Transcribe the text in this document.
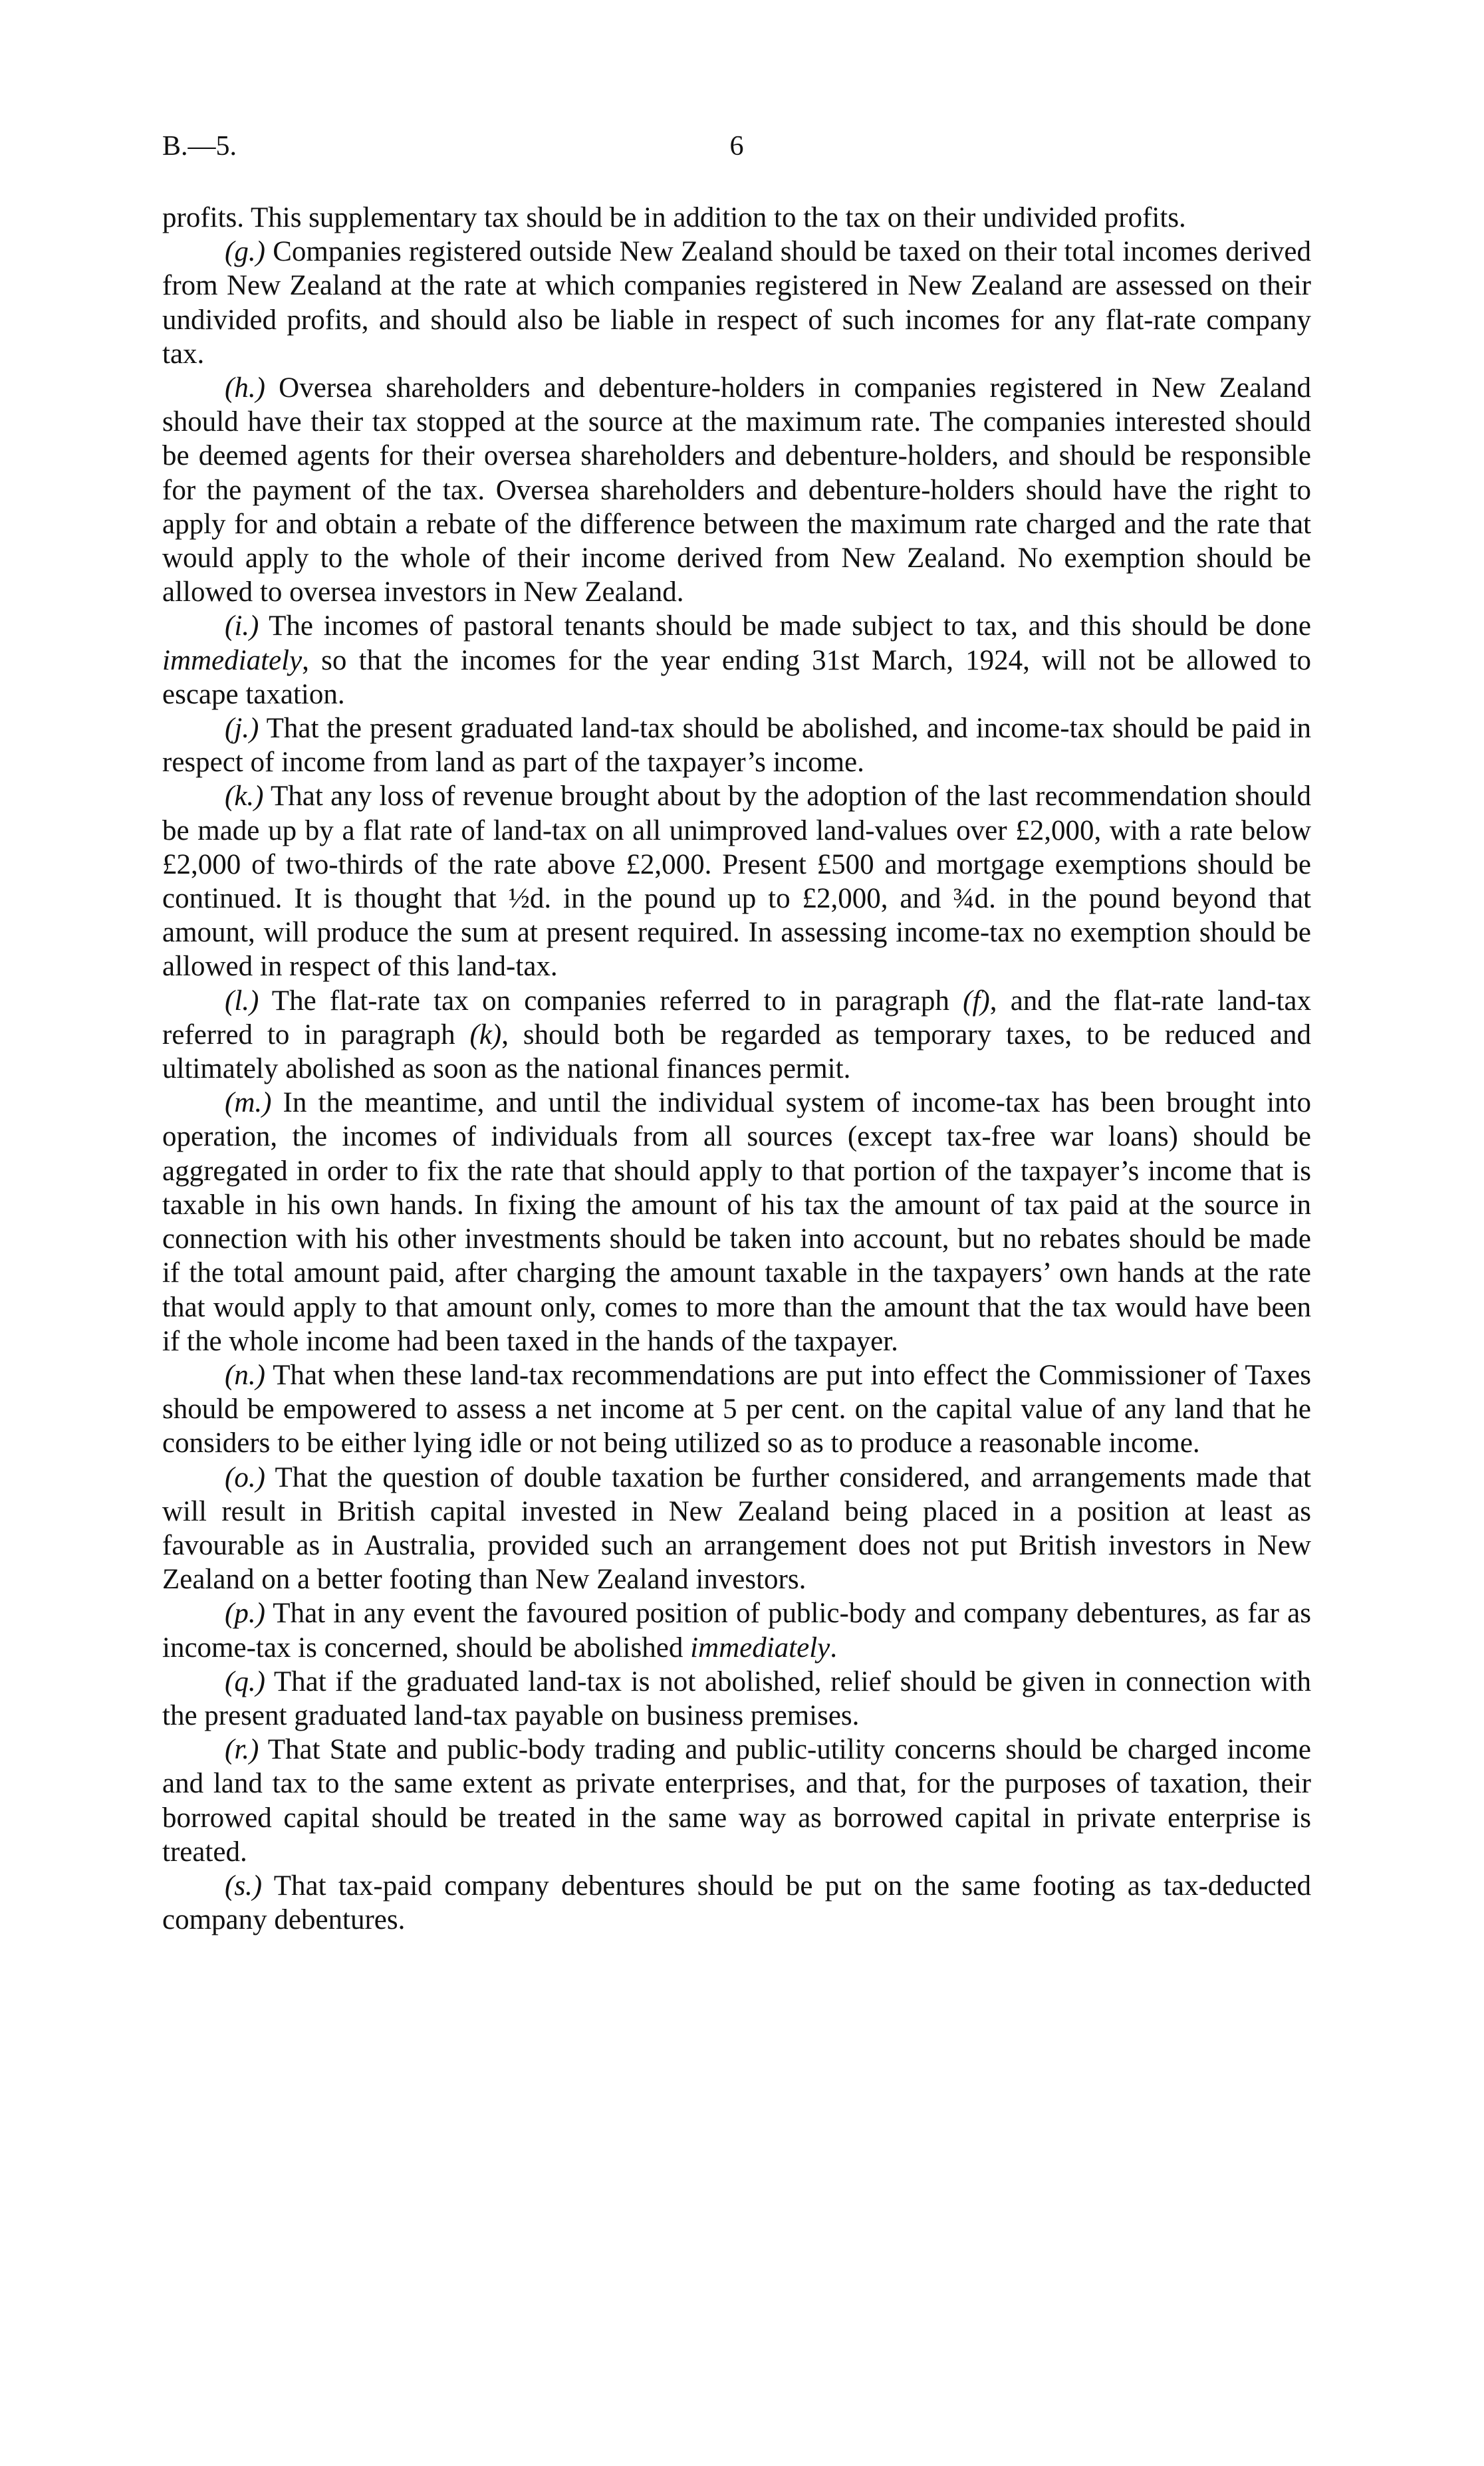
B.—5.	6

profits. This supplementary tax should be in addition to the tax on their undivided profits.

(g.) Companies registered outside New Zealand should be taxed on their total incomes derived from New Zealand at the rate at which companies registered in New Zealand are assessed on their undivided profits, and should also be liable in respect of such incomes for any flat-rate company tax.

(h.) Oversea shareholders and debenture-holders in companies registered in New Zealand should have their tax stopped at the source at the maximum rate. The companies interested should be deemed agents for their oversea shareholders and debenture-holders, and should be responsible for the payment of the tax. Oversea shareholders and debenture-holders should have the right to apply for and obtain a rebate of the difference between the maximum rate charged and the rate that would apply to the whole of their income derived from New Zealand. No exemption should be allowed to oversea investors in New Zealand.

(i.) The incomes of pastoral tenants should be made subject to tax, and this should be done immediately, so that the incomes for the year ending 31st March, 1924, will not be allowed to escape taxation.

(j.) That the present graduated land-tax should be abolished, and income-tax should be paid in respect of income from land as part of the taxpayer’s income.

(k.) That any loss of revenue brought about by the adoption of the last recommendation should be made up by a flat rate of land-tax on all unimproved land-values over £2,000, with a rate below £2,000 of two-thirds of the rate above £2,000. Present £500 and mortgage exemptions should be continued. It is thought that ½d. in the pound up to £2,000, and ¾d. in the pound beyond that amount, will produce the sum at present required. In assessing income-tax no exemption should be allowed in respect of this land-tax.

(l.) The flat-rate tax on companies referred to in paragraph (f), and the flat-rate land-tax referred to in paragraph (k), should both be regarded as temporary taxes, to be reduced and ultimately abolished as soon as the national finances permit.

(m.) In the meantime, and until the individual system of income-tax has been brought into operation, the incomes of individuals from all sources (except tax-free war loans) should be aggregated in order to fix the rate that should apply to that portion of the taxpayer’s income that is taxable in his own hands. In fixing the amount of his tax the amount of tax paid at the source in connection with his other investments should be taken into account, but no rebates should be made if the total amount paid, after charging the amount taxable in the taxpayers’ own hands at the rate that would apply to that amount only, comes to more than the amount that the tax would have been if the whole income had been taxed in the hands of the taxpayer.

(n.) That when these land-tax recommendations are put into effect the Commissioner of Taxes should be empowered to assess a net income at 5 per cent. on the capital value of any land that he considers to be either lying idle or not being utilized so as to produce a reasonable income.

(o.) That the question of double taxation be further considered, and arrangements made that will result in British capital invested in New Zealand being placed in a position at least as favourable as in Australia, provided such an arrangement does not put British investors in New Zealand on a better footing than New Zealand investors.

(p.) That in any event the favoured position of public-body and company debentures, as far as income-tax is concerned, should be abolished immediately.

(q.) That if the graduated land-tax is not abolished, relief should be given in connection with the present graduated land-tax payable on business premises.

(r.) That State and public-body trading and public-utility concerns should be charged income and land tax to the same extent as private enterprises, and that, for the purposes of taxation, their borrowed capital should be treated in the same way as borrowed capital in private enterprise is treated.

(s.) That tax-paid company debentures should be put on the same footing as tax-deducted company debentures.
